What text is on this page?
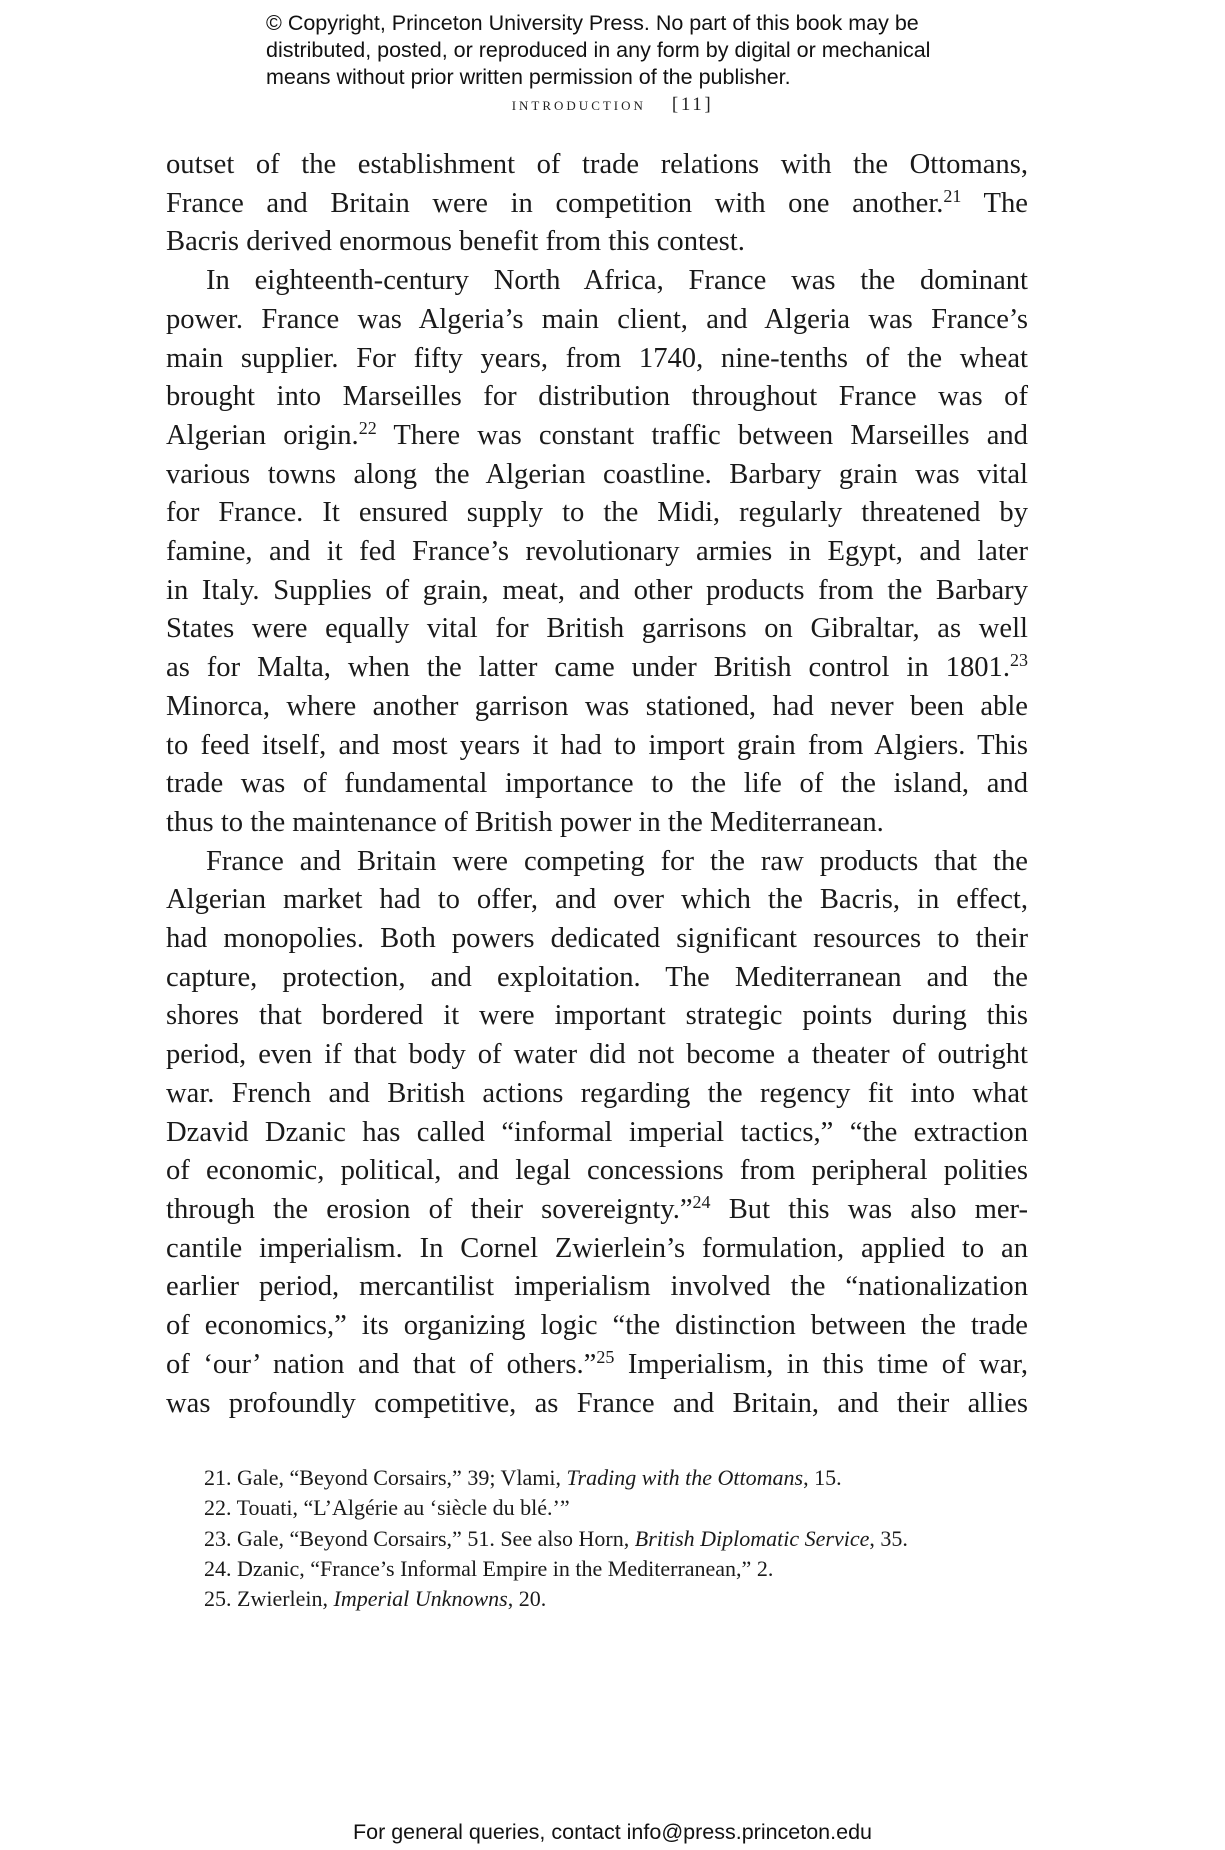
© Copyright, Princeton University Press. No part of this book may be
distributed, posted, or reproduced in any form by digital or mechanical
means without prior written permission of the publisher.
introduction [11]
outset of the establishment of trade relations with the Ottomans,
France and Britain were in competition with one another.$^{21}$ The
Bacris derived enormous benefit from this contest.
In eighteenth-century North Africa, France was the dominant
power. France was Algeria’s main client, and Algeria was France’s
main supplier. For fifty years, from 1740, nine-tenths of the wheat
brought into Marseilles for distribution throughout France was of
Algerian origin.$^{22}$ There was constant traffic between Marseilles and
various towns along the Algerian coastline. Barbary grain was vital
for France. It ensured supply to the Midi, regularly threatened by
famine, and it fed France’s revolutionary armies in Egypt, and later
in Italy. Supplies of grain, meat, and other products from the Barbary
States were equally vital for British garrisons on Gibraltar, as well
as for Malta, when the latter came under British control in 1801.23
Minorca, where another garrison was stationed, had never been able
to feed itself, and most years it had to import grain from Algiers. This
trade was of fundamental importance to the life of the island, and
thus to the maintenance of British power in the Mediterranean.
France and Britain were competing for the raw products that the
Algerian market had to offer, and over which the Bacris, in effect,
had monopolies. Both powers dedicated significant resources to their
capture, protection, and exploitation. The Mediterranean and the
shores that bordered it were important strategic points during this
period, even if that body of water did not become a theater of outright
war. French and British actions regarding the regency fit into what
Dzavid Dzanic has called “informal imperial tactics,” “the extraction
of economic, political, and legal concessions from peripheral polities
through the erosion of their sovereignty.”$^{24}$ But this was also mer-
cantile imperialism. In Cornel Zwierlein’s formulation, applied to an
earlier period, mercantilist imperialism involved the “nationalization
of economics,” its organizing logic “the distinction between the trade
of ‘our’ nation and that of others.”$^{25}$ Imperialism, in this time of war,
was profoundly competitive, as France and Britain, and their allies
21. Gale, “Beyond Corsairs,” 39; Vlami, Trading with the Ottomans, 15.
22. Touati, “L’Algérie au ‘siècle du blé.’”
23. Gale, “Beyond Corsairs,” 51. See also Horn, British Diplomatic Service, 35.
24. Dzanic, “France’s Informal Empire in the Mediterranean,” 2.
25. Zwierlein, Imperial Unknowns, 20.
For general queries, contact info@press.princeton.edu
